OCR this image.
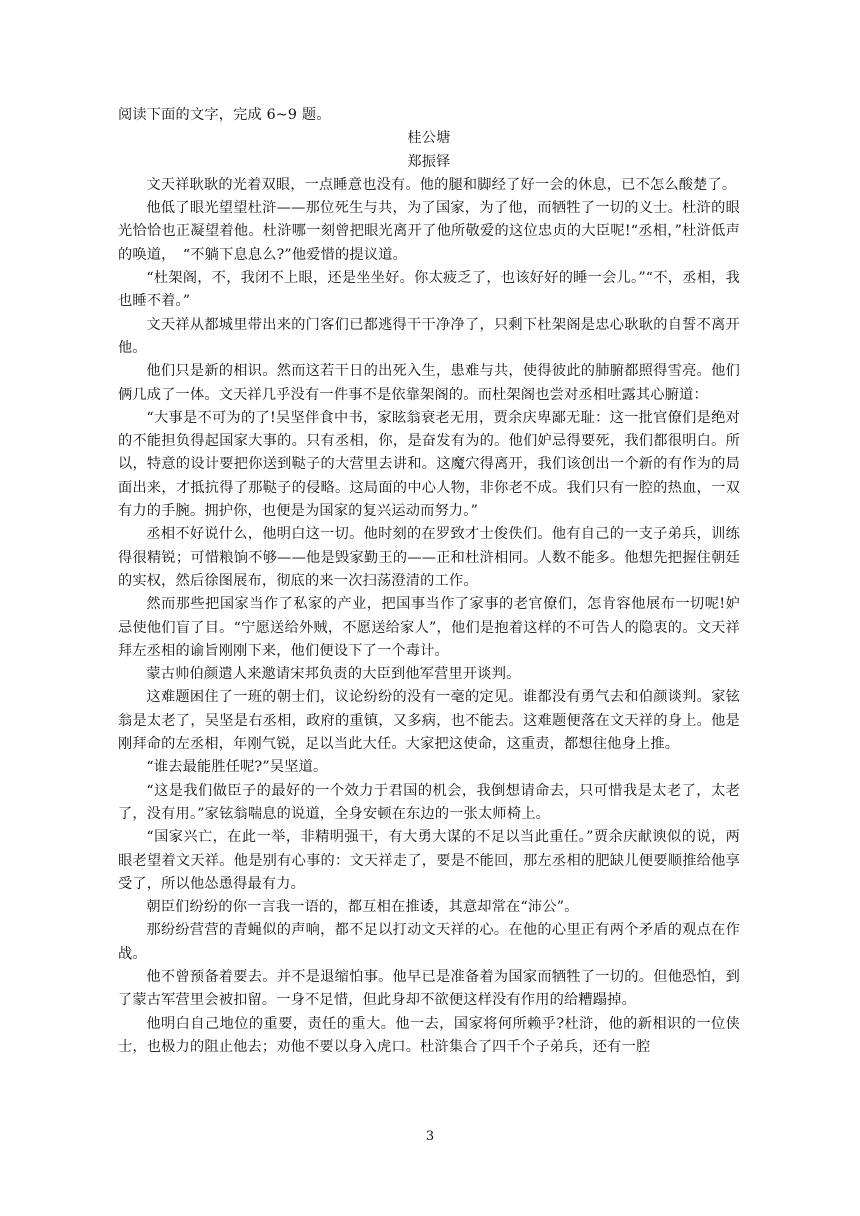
阅读下面的文字，完成 6~9 题。

桂公塘

郑振铎

文天祥耿耿的光着双眼，一点睡意也没有。他的腿和脚经了好一会的休息，已不怎么酸楚了。

他低了眼光望望杜浒——那位死生与共，为了国家，为了他，而牺牲了一切的义士。杜浒的眼光恰恰也正凝望着他。杜浒哪一刻曾把眼光离开了他所敬爱的这位忠贞的大臣呢!“丞相，”杜浒低声的唤道，　“不躺下息息么?”他爱惜的提议道。

“杜架阁，不，我闭不上眼，还是坐坐好。你太疲乏了，也该好好的睡一会儿。”“不，丞相，我也睡不着。”

文天祥从都城里带出来的门客们已都逃得干干净净了，只剩下杜架阁是忠心耿耿的自誓不离开他。

他们只是新的相识。然而这若干日的出死入生，患难与共，使得彼此的肺腑都照得雪亮。他们俩几成了一体。文天祥几乎没有一件事不是依靠架阁的。而杜架阁也尝对丞相吐露其心腑道：

“大事是不可为的了!吴坚伴食中书，家眩翁衰老无用，贾余庆卑鄙无耻：这一批官僚们是绝对的不能担负得起国家大事的。只有丞相，你，是奋发有为的。他们妒忌得要死，我们都很明白。所以，特意的设计要把你送到鞑子的大营里去讲和。这魔穴得离开，我们该创出一个新的有作为的局面出来，才抵抗得了那鞑子的侵略。这局面的中心人物，非你老不成。我们只有一腔的热血，一双有力的手腕。拥护你，也便是为国家的复兴运动而努力。”

丞相不好说什么，他明白这一切。他时刻的在罗致才士俊佚们。他有自己的一支子弟兵，训练得很精锐；可惜粮饷不够——他是毁家勤王的——正和杜浒相同。人数不能多。他想先把握住朝廷的实权，然后徐图展布，彻底的来一次扫荡澄清的工作。

然而那些把国家当作了私家的产业，把国事当作了家事的老官僚们，怎肯容他展布一切呢!妒忌使他们盲了目。“宁愿送给外贼，不愿送给家人”，他们是抱着这样的不可告人的隐衷的。文天祥拜左丞相的谕旨刚刚下来，他们便设下了一个毒计。

蒙古帅伯颜遣人来邀请宋邦负责的大臣到他军营里开谈判。

这难题困住了一班的朝士们，议论纷纷的没有一毫的定见。谁都没有勇气去和伯颜谈判。家铉翁是太老了，吴坚是右丞相，政府的重镇，又多病，也不能去。这难题便落在文天祥的身上。他是刚拜命的左丞相，年刚气锐，足以当此大任。大家把这使命，这重责，都想往他身上推。

“谁去最能胜任呢?”吴坚道。

“这是我们做臣子的最好的一个效力于君国的机会，我倒想请命去，只可惜我是太老了，太老了，没有用。”家铉翁喘息的说道，全身安顿在东边的一张太师椅上。

“国家兴亡，在此一举，非精明强干，有大勇大谋的不足以当此重任。”贾余庆献谀似的说，两眼老望着文天祥。他是别有心事的：文天祥走了，要是不能回，那左丞相的肥缺儿便要顺推给他享受了，所以他怂恿得最有力。

朝臣们纷纷的你一言我一语的，都互相在推诿，其意却常在“沛公”。

那纷纷营营的青蝇似的声响，都不足以打动文天祥的心。在他的心里正有两个矛盾的观点在作战。

他不曾预备着要去。并不是退缩怕事。他早已是准备着为国家而牺牲了一切的。但他恐怕，到了蒙古军营里会被扣留。一身不足惜，但此身却不欲便这样没有作用的给糟蹋掉。

他明白自己地位的重要，责任的重大。他一去，国家将何所赖乎?杜浒，他的新相识的一位侠士，也极力的阻止他去；劝他不要以身入虎口。杜浒集合了四千个子弟兵，还有一腔

3
